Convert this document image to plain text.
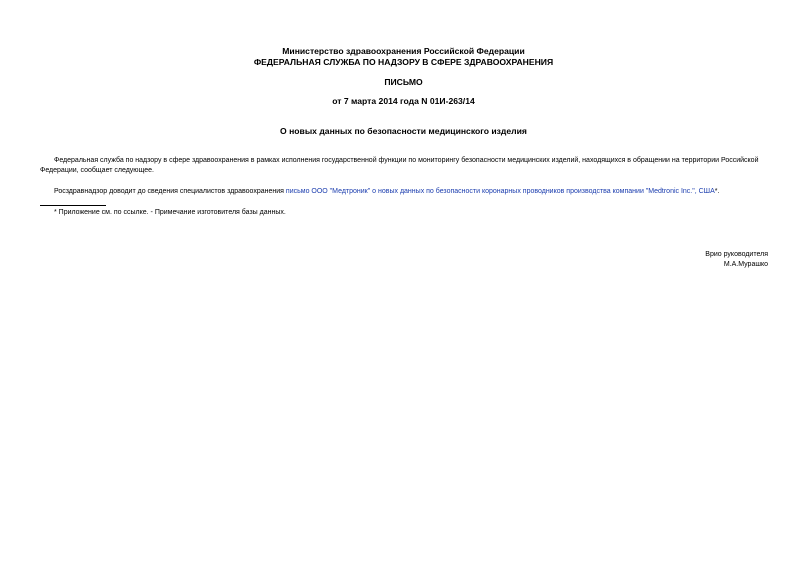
Министерство здравоохранения Российской Федерации
ФЕДЕРАЛЬНАЯ СЛУЖБА ПО НАДЗОРУ В СФЕРЕ ЗДРАВООХРАНЕНИЯ
ПИСЬМО
от 7 марта 2014 года N 01И-263/14
О новых данных по безопасности медицинского изделия
Федеральная служба по надзору в сфере здравоохранения в рамках исполнения государственной функции по мониторингу безопасности медицинских изделий, находящихся в обращении на территории Российской Федерации, сообщает следующее.
Росздравнадзор доводит до сведения специалистов здравоохранения письмо ООО "Медтроник" о новых данных по безопасности коронарных проводников производства компании "Medtronic Inc.", США*.
* Приложение см. по ссылке. - Примечание изготовителя базы данных.
Врио руководителя
М.А.Мурашко
